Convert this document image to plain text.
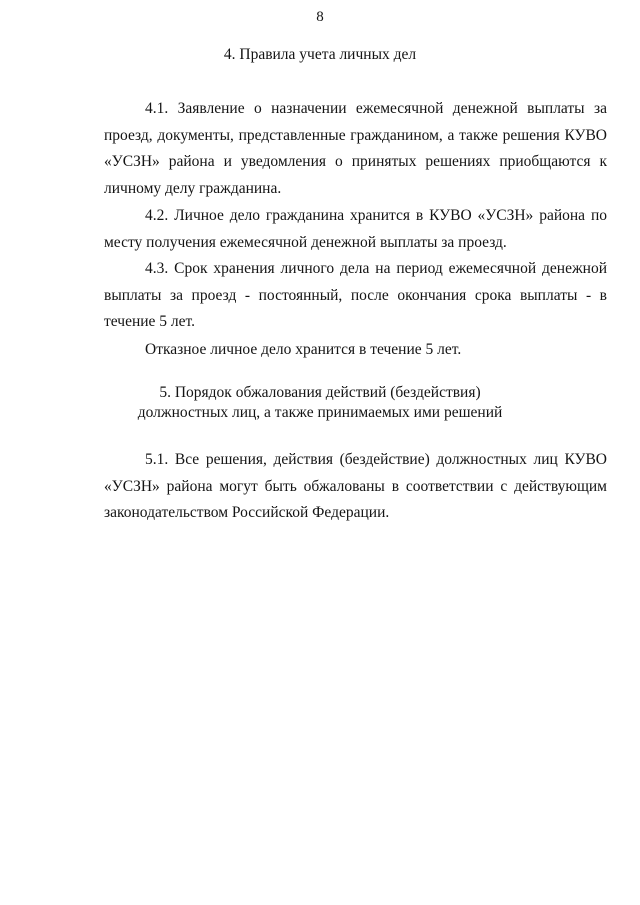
8
4. Правила учета личных дел

4.1. Заявление о назначении ежемесячной денежной выплаты за проезд, документы, представленные гражданином, а также решения КУВО «УСЗН» района и уведомления о принятых решениях приобщаются к личному делу гражданина.

4.2. Личное дело гражданина хранится в КУВО «УСЗН» района по месту получения ежемесячной денежной выплаты за проезд.

4.3. Срок хранения личного дела на период ежемесячной денежной выплаты за проезд - постоянный, после окончания срока выплаты - в течение 5 лет.

Отказное личное дело хранится в течение 5 лет.

5. Порядок обжалования действий (бездействия)
должностных лиц, а также принимаемых ими решений

5.1. Все решения, действия (бездействие) должностных лиц КУВО «УСЗН» района могут быть обжалованы в соответствии с действующим законодательством Российской Федерации.
